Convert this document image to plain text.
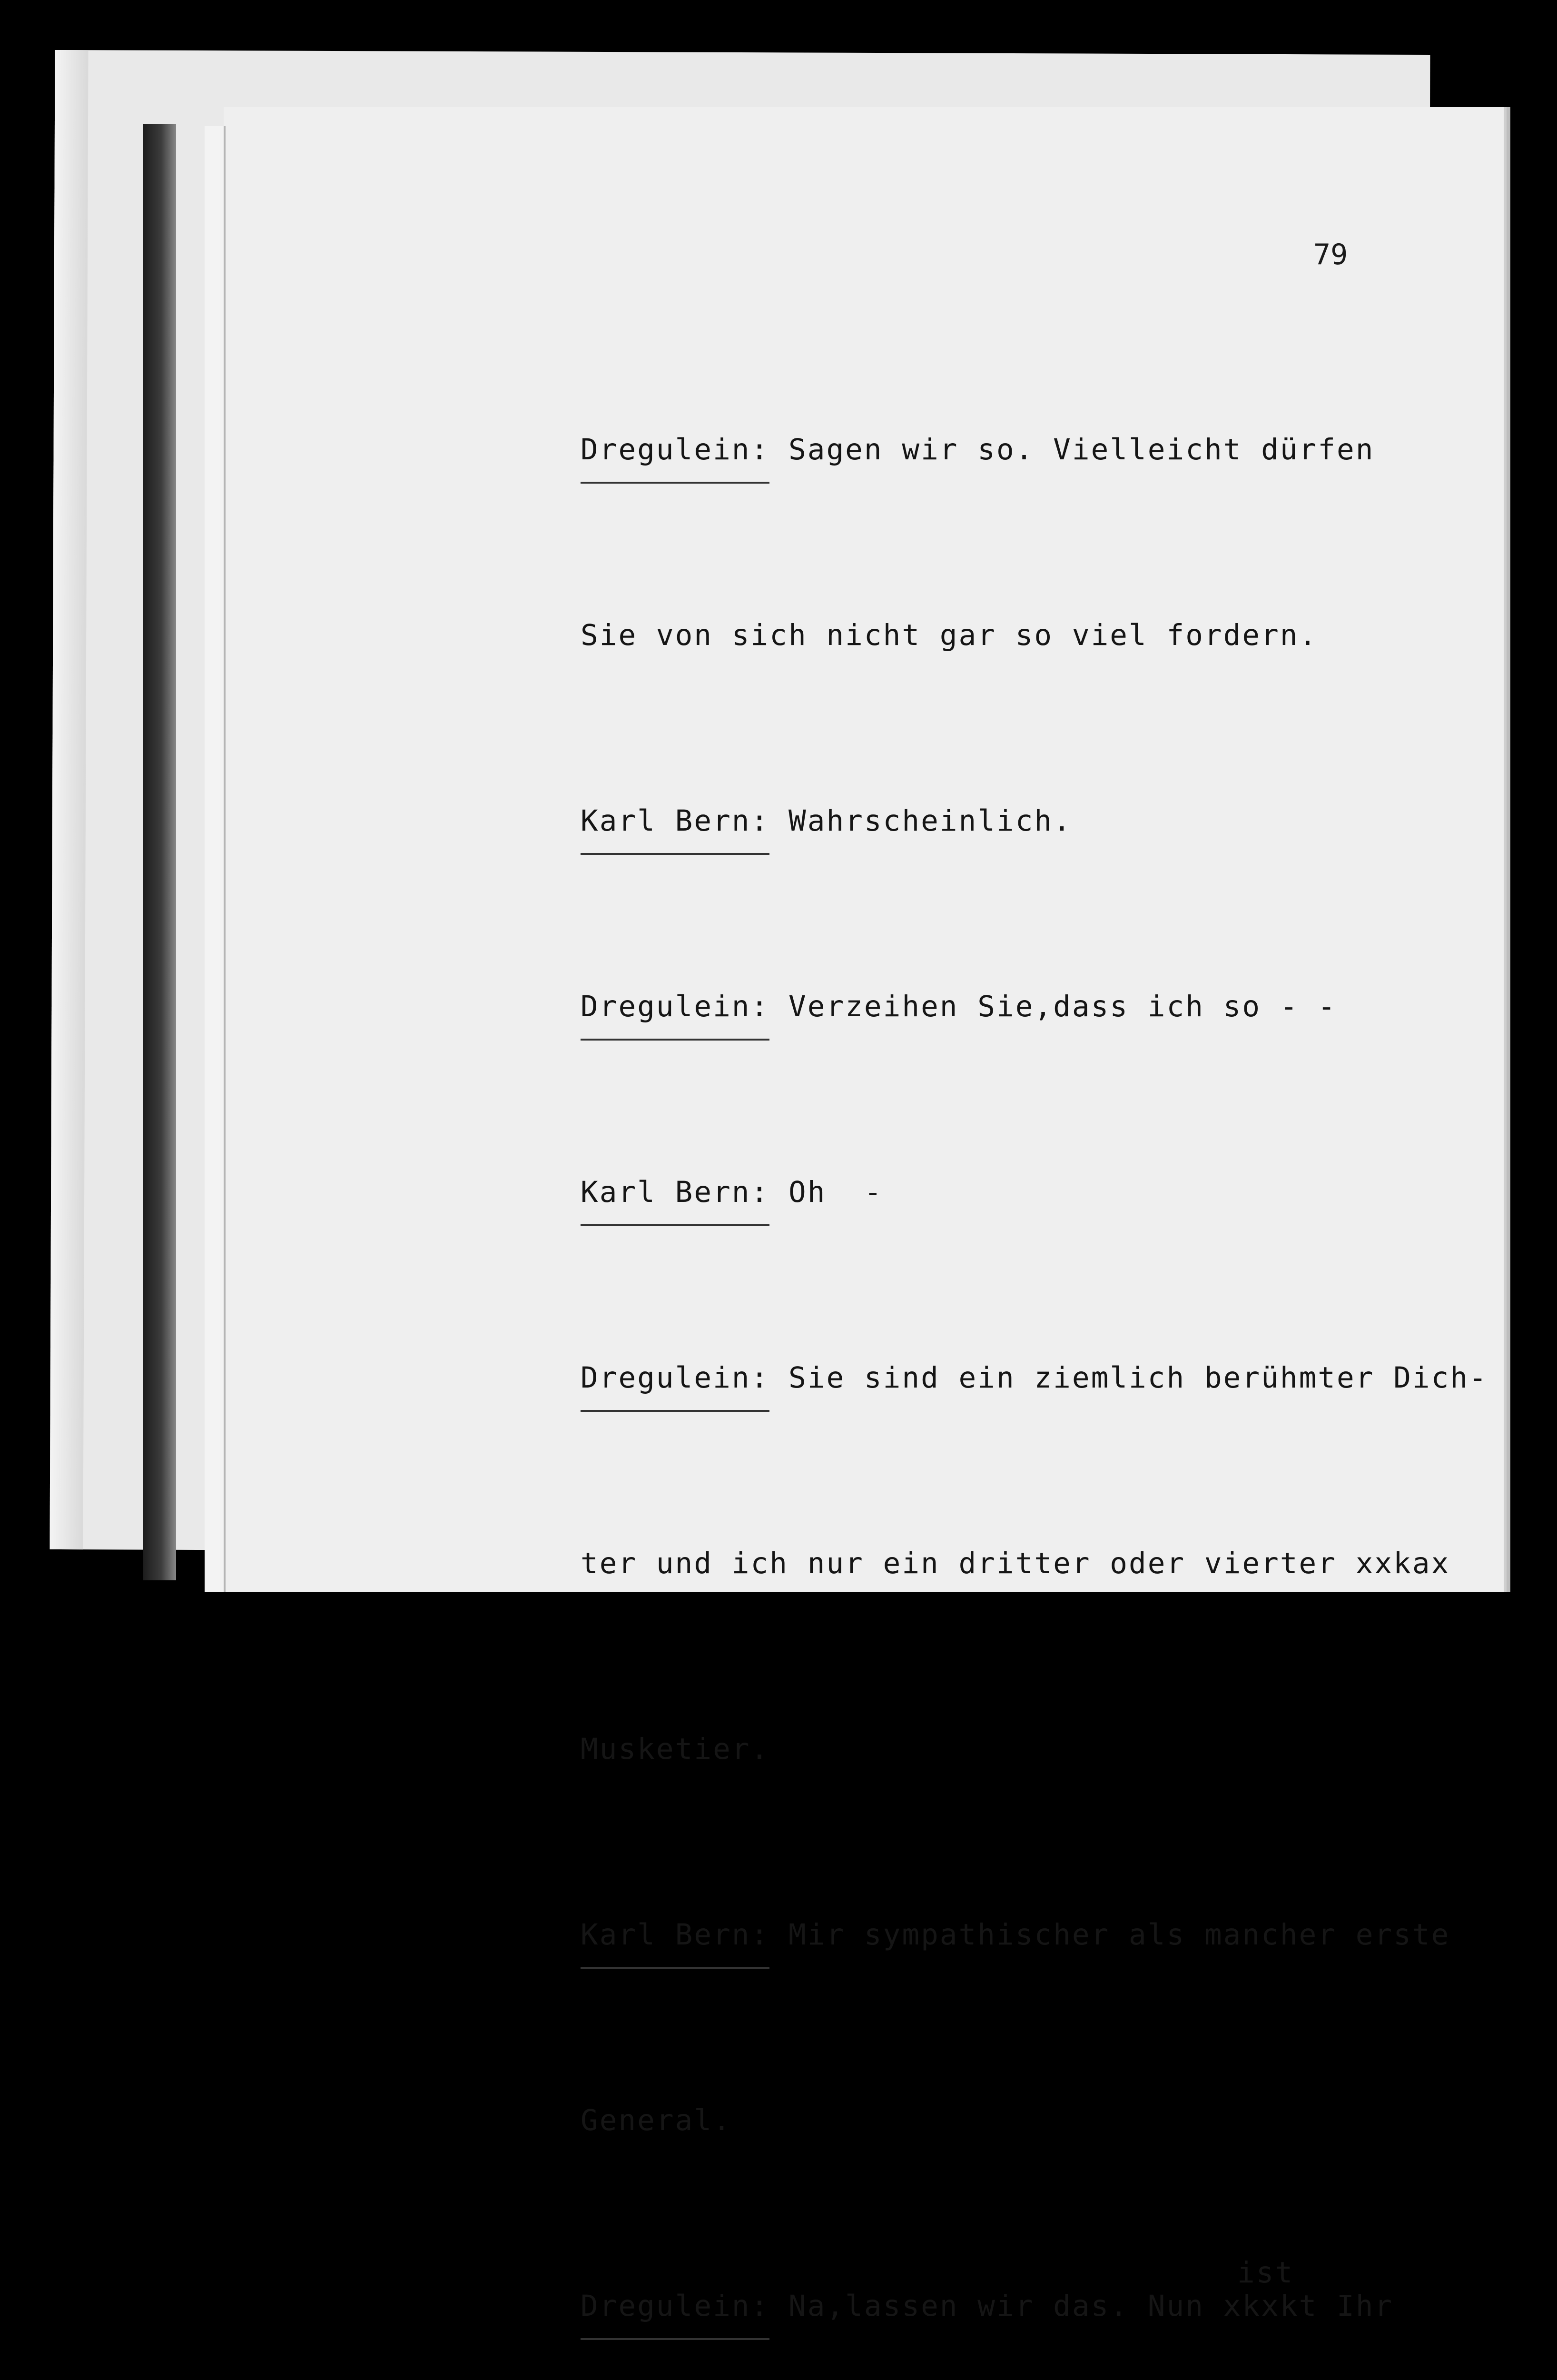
79

Dregulein: Sagen wir so. Vielleicht dürfen

Sie von sich nicht gar so viel fordern.

Karl Bern: Wahrscheinlich.

Dregulein: Verzeihen Sie,dass ich so - -

Karl Bern: Oh  -

Dregulein: Sie sind ein ziemlich berühmter Dich-

ter und ich nur ein dritter oder vierter xxkax

Musketier.

Karl Bern: Mir sympathischer als mancher erste

General.

ist
Dregulein: Na,lassen wir das. Nun xkxkt Ihr
